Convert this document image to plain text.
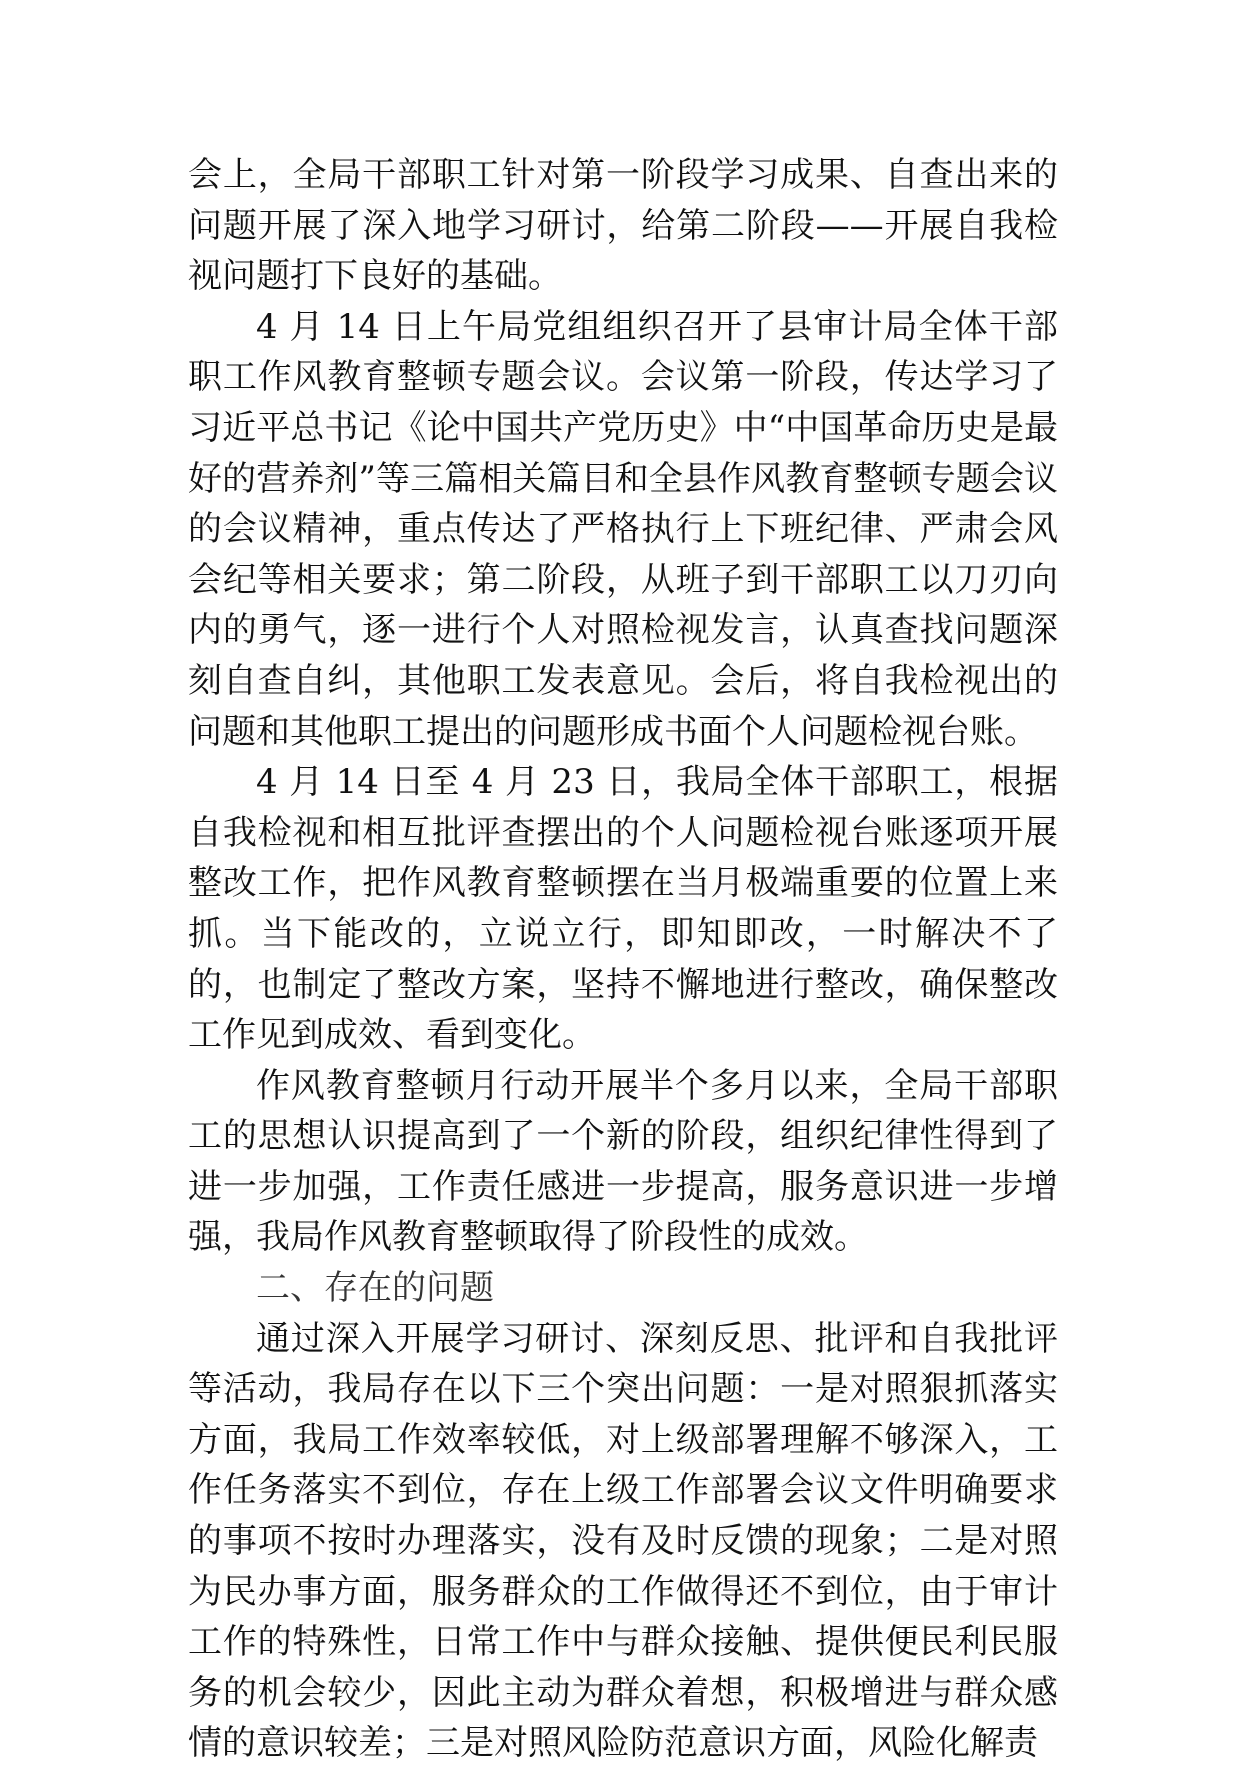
会上，全局干部职工针对第一阶段学习成果、自查出来的问题开展了深入地学习研讨，给第二阶段——开展自我检视问题打下良好的基础。

4 月 14 日上午局党组组织召开了县审计局全体干部职工作风教育整顿专题会议。会议第一阶段，传达学习了习近平总书记《论中国共产党历史》中“中国革命历史是最好的营养剂”等三篇相关篇目和全县作风教育整顿专题会议的会议精神，重点传达了严格执行上下班纪律、严肃会风会纪等相关要求；第二阶段，从班子到干部职工以刀刃向内的勇气，逐一进行个人对照检视发言，认真查找问题深刻自查自纠，其他职工发表意见。会后，将自我检视出的问题和其他职工提出的问题形成书面个人问题检视台账。

4 月 14 日至 4 月 23 日，我局全体干部职工，根据自我检视和相互批评查摆出的个人问题检视台账逐项开展整改工作，把作风教育整顿摆在当月极端重要的位置上来抓。当下能改的，立说立行，即知即改，一时解决不了的，也制定了整改方案，坚持不懈地进行整改，确保整改工作见到成效、看到变化。

作风教育整顿月行动开展半个多月以来，全局干部职工的思想认识提高到了一个新的阶段，组织纪律性得到了进一步加强，工作责任感进一步提高，服务意识进一步增强，我局作风教育整顿取得了阶段性的成效。

二、存在的问题

通过深入开展学习研讨、深刻反思、批评和自我批评等活动，我局存在以下三个突出问题：一是对照狠抓落实方面，我局工作效率较低，对上级部署理解不够深入，工作任务落实不到位，存在上级工作部署会议文件明确要求的事项不按时办理落实，没有及时反馈的现象；二是对照为民办事方面，服务群众的工作做得还不到位，由于审计工作的特殊性，日常工作中与群众接触、提供便民利民服务的机会较少，因此主动为群众着想，积极增进与群众感情的意识较差；三是对照风险防范意识方面，风险化解责
